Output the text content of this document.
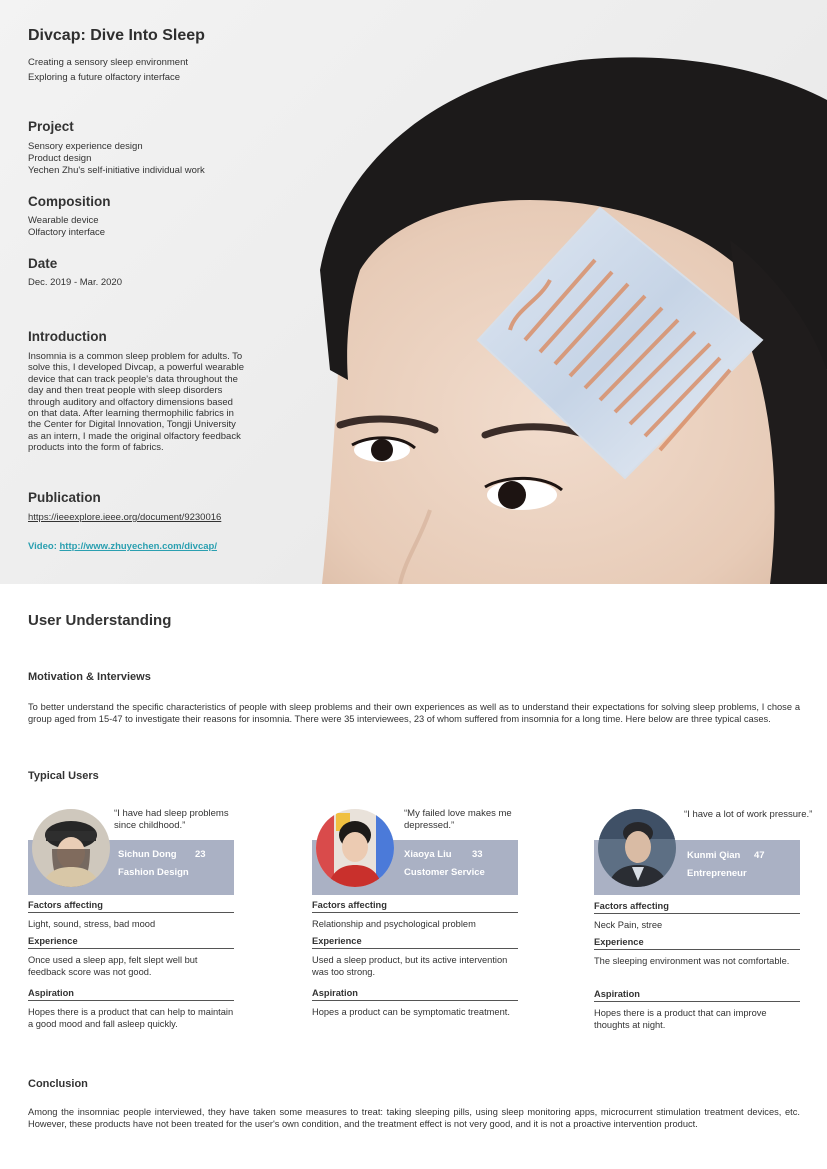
Divcap: Dive Into Sleep
Creating a sensory sleep environment
Exploring a future olfactory interface
Project
Sensory experience design
Product design
Yechen Zhu's self-initiative individual work
Composition
Wearable device
Olfactory interface
Date
Dec. 2019 - Mar. 2020
Introduction
Insomnia is a common sleep problem for adults. To solve this, I developed Divcap, a powerful wearable device that can track people's data throughout the day and then treat people with sleep disorders through auditory and olfactory dimensions based on that data. After learning thermophilic fabrics in the Center for Digital Innovation, Tongji University as an intern, I made the original olfactory feedback products into the form of fabrics.
Publication
https://ieeexplore.ieee.org/document/9230016
Video: http://www.zhuyechen.com/divcap/
User Understanding
Motivation & Interviews
To better understand the specific characteristics of people with sleep problems and their own experiences as well as to understand their expectations for solving sleep problems, I chose a group aged from 15-47 to investigate their reasons for insomnia. There were 35 interviewees, 23 of whom suffered from insomnia for a long time. Here below are three typical cases.
Typical Users
“I have had sleep problems since childhood.”
Sichun Dong 23
Fashion Design
Factors affecting
Light, sound, stress, bad mood
Experience
Once used a sleep app, felt slept well but feedback score was not good.
Aspiration
Hopes there is a product that can help to maintain a good mood and fall asleep quickly.
“My failed love makes me depressed.”
Xiaoya Liu 33
Customer Service
Factors affecting
Relationship and psychological problem
Experience
Used a sleep product, but its active intervention was too strong.
Aspiration
Hopes a product can be symptomatic treatment.
“I have a lot of work pressure.”
Kunmi Qian 47
Entrepreneur
Factors affecting
Neck Pain, stree
Experience
The sleeping environment was not comfortable.
Aspiration
Hopes there is a product that can improve thoughts at night.
Conclusion
Among the insomniac people interviewed, they have taken some measures to treat: taking sleeping pills, using sleep monitoring apps, microcurrent stimulation treatment devices, etc. However, these products have not been treated for the user's own condition, and the treatment effect is not very good, and it is not a proactive intervention product.
